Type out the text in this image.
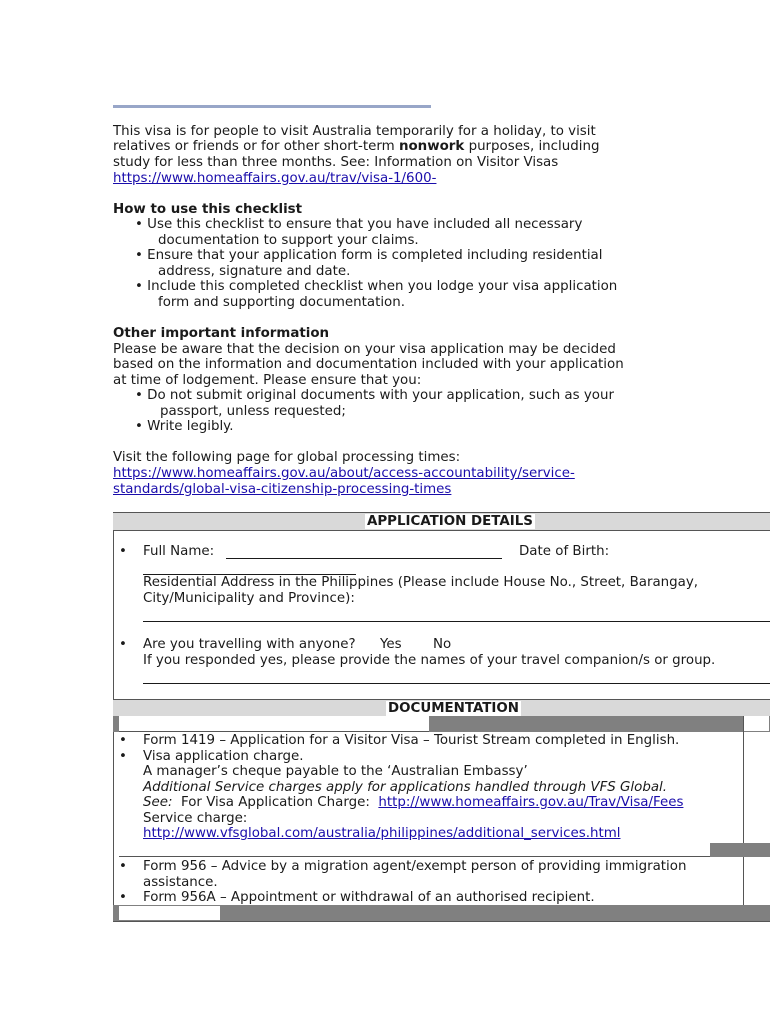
This visa is for people to visit Australia temporarily for a holiday, to visit
relatives or friends or for other short-term nonwork purposes, including
study for less than three months. See: Information on Visitor Visas
https://www.homeaffairs.gov.au/trav/visa-1/600-
How to use this checklist
• Use this checklist to ensure that you have included all necessary
documentation to support your claims.
• Ensure that your application form is completed including residential
address, signature and date.
• Include this completed checklist when you lodge your visa application
form and supporting documentation.
Other important information
Please be aware that the decision on your visa application may be decided
based on the information and documentation included with your application
at time of lodgement. Please ensure that you:
• Do not submit original documents with your application, such as your
passport, unless requested;
• Write legibly.
Visit the following page for global processing times:
https://www.homeaffairs.gov.au/about/access-accountability/service-
standards/global-visa-citizenship-processing-times
APPLICATION DETAILS
• Full Name:	Date of Birth:
Residential Address in the Philippines (Please include House No., Street, Barangay,
City/Municipality and Province):
• Are you travelling with anyone? Yes No
If you responded yes, please provide the names of your travel companion/s or group.
DOCUMENTATION
• Form 1419 – Application for a Visitor Visa – Tourist Stream completed in English.
• Visa application charge.
A manager’s cheque payable to the ‘Australian Embassy’
Additional Service charges apply for applications handled through VFS Global.
See: For Visa Application Charge: http://www.homeaffairs.gov.au/Trav/Visa/Fees
Service charge:
http://www.vfsglobal.com/australia/philippines/additional_services.html
• Form 956 – Advice by a migration agent/exempt person of providing immigration
assistance.
• Form 956A – Appointment or withdrawal of an authorised recipient.
